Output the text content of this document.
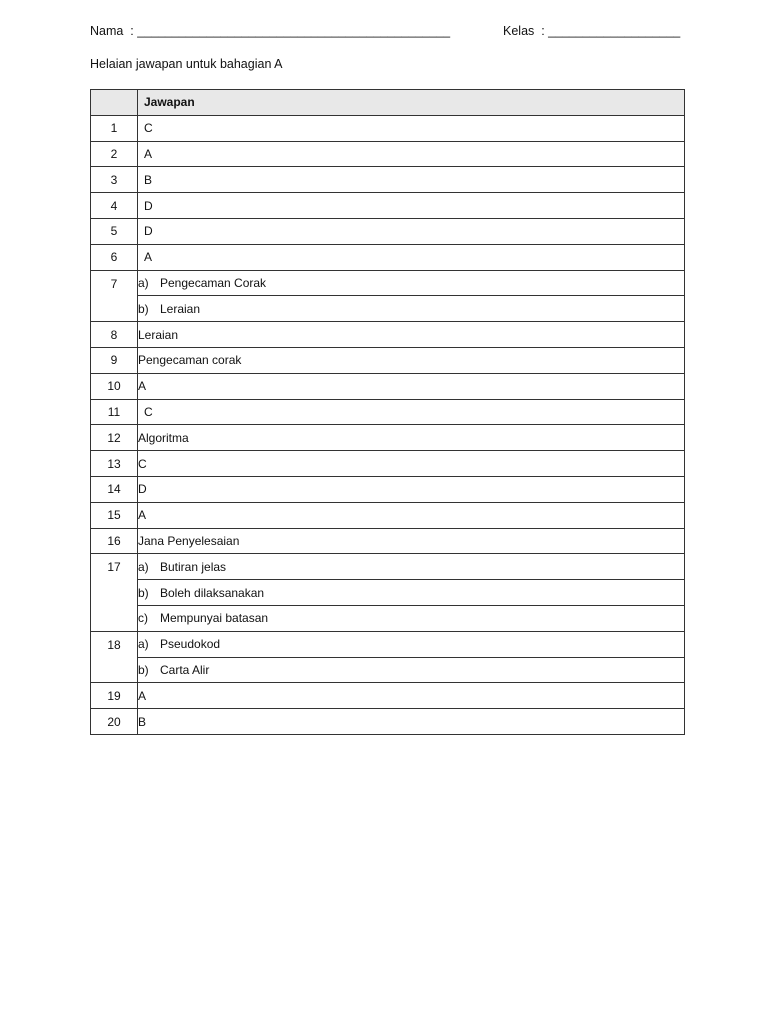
Nama  : _____________________________________________	Kelas  : ___________________
Helaian jawapan untuk bahagian A
	Jawapan
1	C
2	A
3	B
4	D
5	D
6	A
7	a) Pengecaman Corak
	b) Leraian
8	Leraian
9	Pengecaman corak
10	A
11	C
12	Algoritma
13	C
14	D
15	A
16	Jana Penyelesaian
17	a) Butiran jelas
	b) Boleh dilaksanakan
	c) Mempunyai batasan
18	a) Pseudokod
	b) Carta Alir
19	A
20	B
